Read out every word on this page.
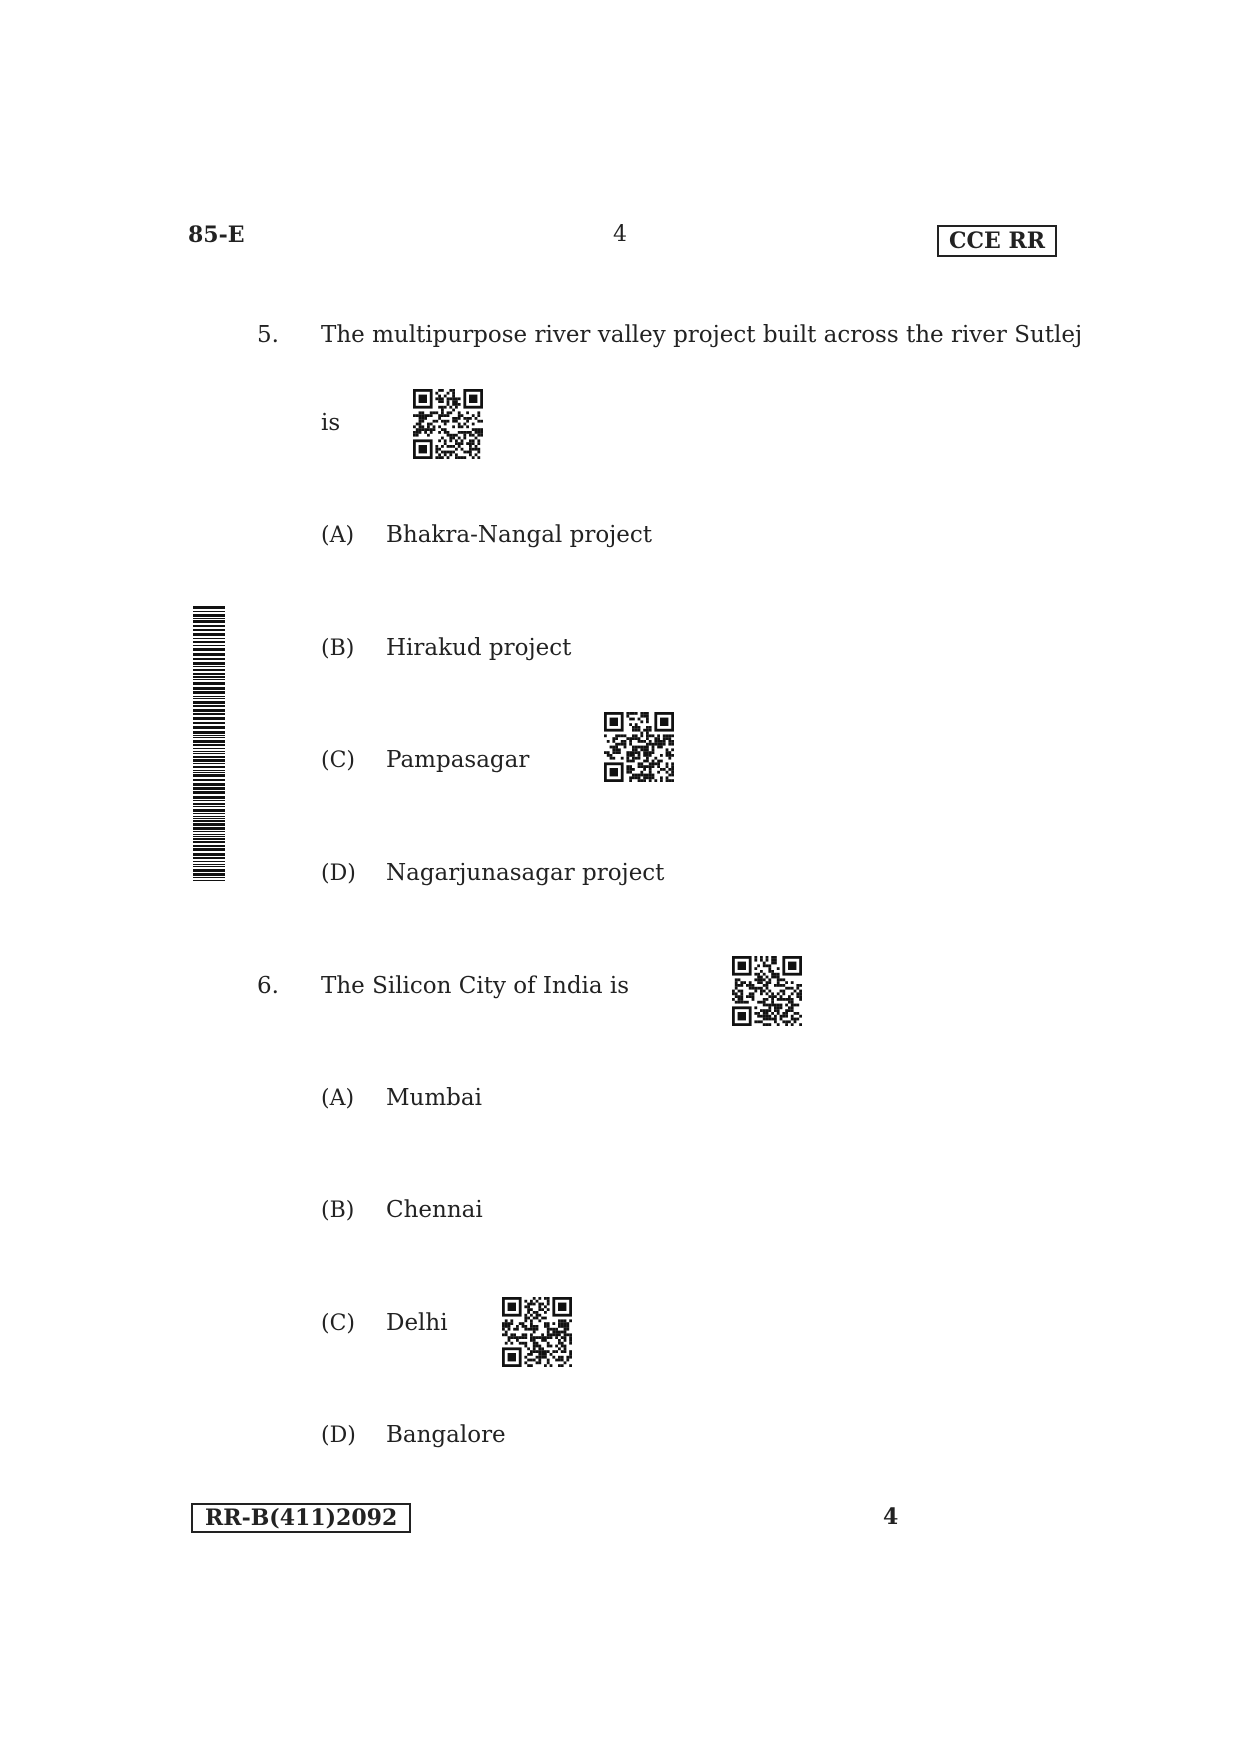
85-E	4	CCE RR
5. The multipurpose river valley project built across the river Sutlej
is
(A) Bhakra-Nangal project
(B) Hirakud project
(C) Pampasagar
(D) Nagarjunasagar project
6. The Silicon City of India is
(A) Mumbai
(B) Chennai
(C) Delhi
(D) Bangalore
RR-B(411)2092	4
